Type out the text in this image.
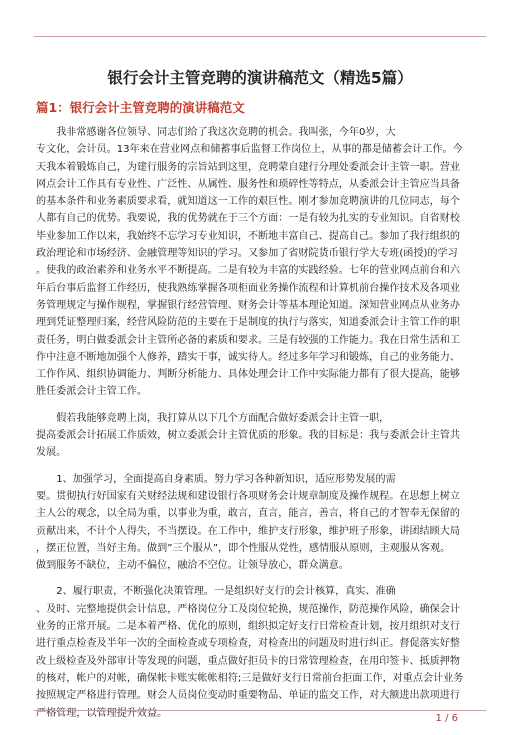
银行会计主管竞聘的演讲稿范文（精选5篇）
篇1：银行会计主管竞聘的演讲稿范文

我非常感谢各位领导、同志们给了我这次竞聘的机会。我叫张，今年0岁，大
专文化，会计员。13年来在营业网点和储蓄事后监督工作岗位上，从事的都是储蓄会计工作。今
天我本着锻炼自己，为建行服务的宗旨站到这里，竞聘蒙自建行分理处委派会计主管一职。营业
网点会计工作具有专业性、广泛性、从属性、服务性和琐碎性等特点，从委派会计主管应当具备
的基本条件和业务素质要求看，就知道这一工作的艰巨性。刚才参加竞聘演讲的几位同志，每个
人都有自己的优势。我要说，我的优势就在于三个方面：一是有较为扎实的专业知识。自省财校
毕业参加工作以来，我始终不忘学习专业知识，不断地丰富自己、提高自己。参加了我行组织的
政治理论和市场经济、金融管理等知识的学习。又参加了省财院货币银行学大专班(函授)的学习
。使我的政治素养和业务水平不断提高。二是有较为丰富的实践经验。七年的营业网点前台和六
年后台事后监督工作经历，使我熟练掌握各项柜面业务操作流程和计算机前台操作技术及各项业
务管理规定与操作规程，掌握银行经营管理、财务会计等基本理论知道。深知营业网点从业务办
理到凭证整理归案，经营风险防范的主要在于是制度的执行与落实，知道委派会计主管工作的职
责任务，明白做委派会计主管所必备的素质和要求。三是有较强的工作能力。我在日常生活和工
作中注意不断地加强个人修养，踏实干事，诚实待人。经过多年学习和锻炼，自己的业务能力、
工作作风、组织协调能力、判断分析能力、具体处理会计工作中实际能力都有了很大提高，能够
胜任委派会计主管工作。

假若我能够竞聘上岗，我打算从以下几个方面配合做好委派会计主管一职，
提高委派会计拓展工作质效，树立委派会计主管优质的形象。我的目标是：我与委派会计主管共
发展。

1、加强学习，全面提高自身素质。努力学习各种新知识，适应形势发展的需
要。贯彻执行好国家有关财经法规和建设银行各项财务会计规章制度及操作规程。在思想上树立
主人公的观念，以全局为重，以事业为重，敢言，直言，能言，善言，将自己的才智奉无保留的
贡献出来，不计个人得失，不当摆设。在工作中，维护支行形象，维护班子形象，讲团结顾大局
，摆正位置，当好主角。做到”三个服从”，即个性服从党性，感情服从原则，主观服从客观。
做到服务不缺位，主动不偏位，融洽不空位。让领导放心，群众满意。

2、履行职责，不断强化决策管理。一是组织好支行的会计核算，真实、准确
、及时、完整地提供会计信息，严格岗位分工及岗位轮换，规范操作，防范操作风险，确保会计
业务的正常开展。二是本着严格、优化的原则，组织拟定好支行日常检查计划，按月组织对支行
进行重点检查及半年一次的全面检查或专项检查，对检查出的问题及时进行纠正。督促落实好整
改上级检查及外部审计等发现的问题，重点做好拒员卡的日常管理检查，在用印签卡、抵质押物
的核对，帐户的对帐，确保帐卡账实帐帐相符;三是做好支行日常前台拒面工作，对重点会计业务
按照规定严格进行管理。财会人员岗位变动时重要物品、单证的监交工作，对大额进出款项进行
严格管理，以管理提升效益。	1 / 6
